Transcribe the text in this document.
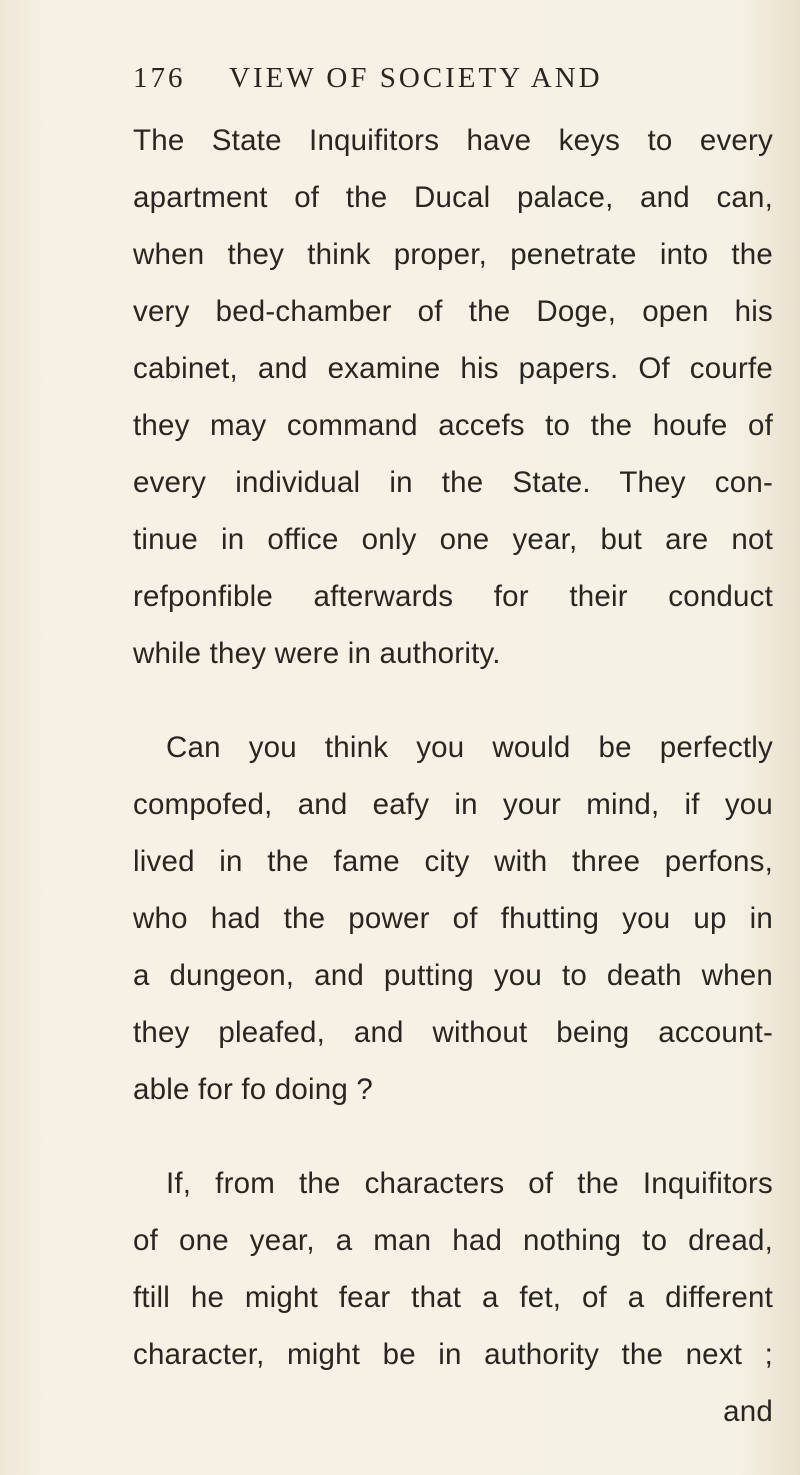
176 VIEW OF SOCIETY AND
The State Inquifitors have keys to every
apartment of the Ducal palace, and can,
when they think proper, penetrate into the
very bed-chamber of the Doge, open his
cabinet, and examine his papers. Of courfe
they may command accefs to the houfe of
every individual in the State. They con-
tinue in office only one year, but are not
refponfible afterwards for their conduct
while they were in authority.
Can you think you would be perfectly
compofed, and eafy in your mind, if you
lived in the fame city with three perfons,
who had the power of fhutting you up in
a dungeon, and putting you to death when
they pleafed, and without being account-
able for fo doing ?
If, from the characters of the Inquifitors
of one year, a man had nothing to dread,
ftill he might fear that a fet, of a different
character, might be in authority the next ;
and
